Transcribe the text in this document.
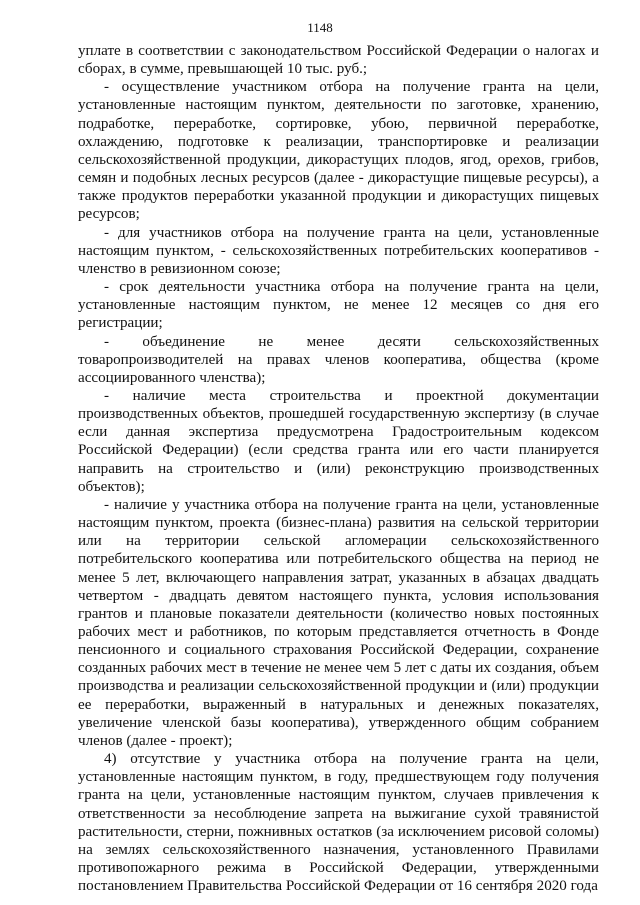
1148

уплате в соответствии с законодательством Российской Федерации о налогах и сборах, в сумме, превышающей 10 тыс. руб.;

- осуществление участником отбора на получение гранта на цели, установленные настоящим пунктом, деятельности по заготовке, хранению, подработке, переработке, сортировке, убою, первичной переработке, охлаждению, подготовке к реализации, транспортировке и реализации сельскохозяйственной продукции, дикорастущих плодов, ягод, орехов, грибов, семян и подобных лесных ресурсов (далее - дикорастущие пищевые ресурсы), а также продуктов переработки указанной продукции и дикорастущих пищевых ресурсов;

- для участников отбора на получение гранта на цели, установленные настоящим пунктом, - сельскохозяйственных потребительских кооперативов - членство в ревизионном союзе;

- срок деятельности участника отбора на получение гранта на цели, установленные настоящим пунктом, не менее 12 месяцев со дня его регистрации;

- объединение не менее десяти сельскохозяйственных товаропроизводителей на правах членов кооператива, общества (кроме ассоциированного членства);

- наличие места строительства и проектной документации производственных объектов, прошедшей государственную экспертизу (в случае если данная экспертиза предусмотрена Градостроительным кодексом Российской Федерации) (если средства гранта или его части планируется направить на строительство и (или) реконструкцию производственных объектов);

- наличие у участника отбора на получение гранта на цели, установленные настоящим пунктом, проекта (бизнес-плана) развития на сельской территории или на территории сельской агломерации сельскохозяйственного потребительского кооператива или потребительского общества на период не менее 5 лет, включающего направления затрат, указанных в абзацах двадцать четвертом - двадцать девятом настоящего пункта, условия использования грантов и плановые показатели деятельности (количество новых постоянных рабочих мест и работников, по которым представляется отчетность в Фонде пенсионного и социального страхования Российской Федерации, сохранение созданных рабочих мест в течение не менее чем 5 лет с даты их создания, объем производства и реализации сельскохозяйственной продукции и (или) продукции ее переработки, выраженный в натуральных и денежных показателях, увеличение членской базы кооператива), утвержденного общим собранием членов (далее - проект);

4) отсутствие у участника отбора на получение гранта на цели, установленные настоящим пунктом, в году, предшествующем году получения гранта на цели, установленные настоящим пунктом, случаев привлечения к ответственности за несоблюдение запрета на выжигание сухой травянистой растительности, стерни, пожнивных остатков (за исключением рисовой соломы) на землях сельскохозяйственного назначения, установленного Правилами противопожарного режима в Российской Федерации, утвержденными постановлением Правительства Российской Федерации от 16 сентября 2020 года
